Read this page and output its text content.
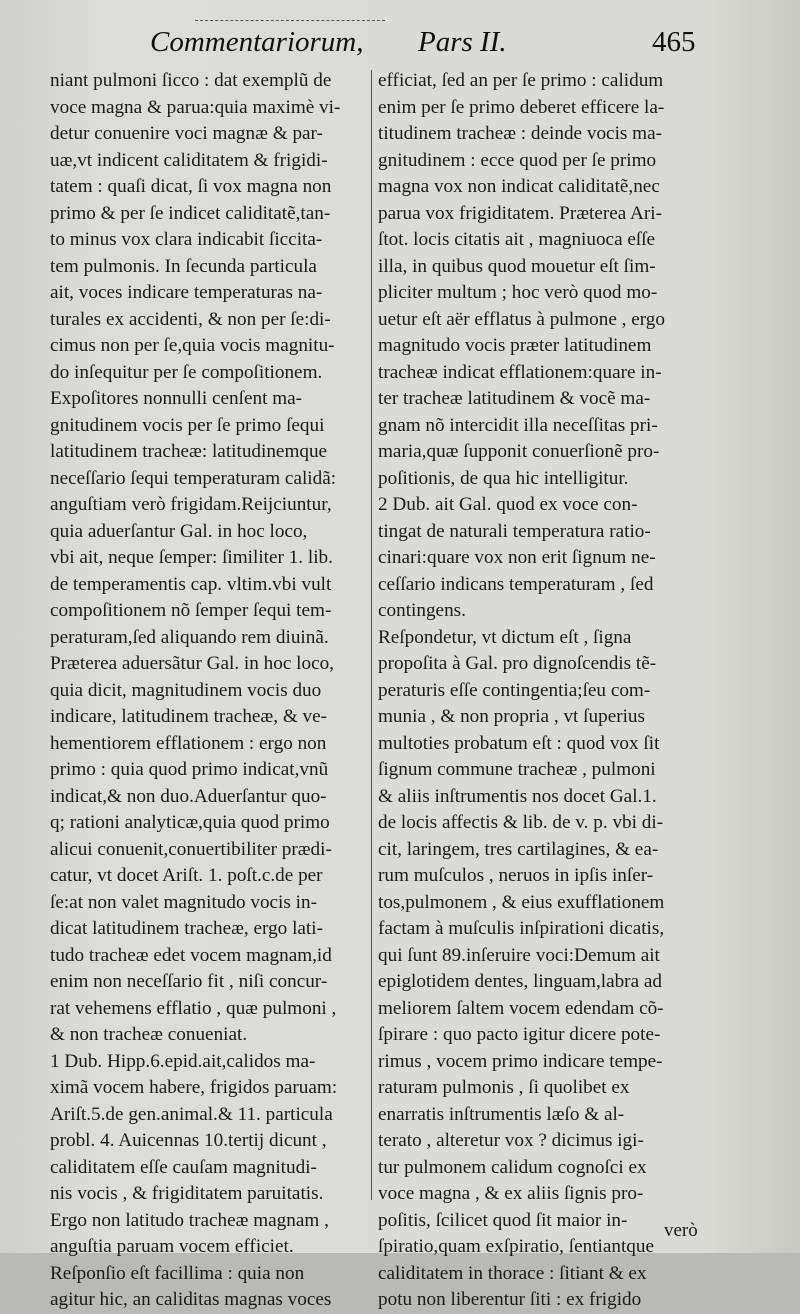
Commentariorum, Pars II.	465
niant pulmoni ſicco : dat exemplũ de
voce magna & parua:quia maximè vi-
detur conuenire voci magnæ & par-
uæ,vt indicent caliditatem & frigidi-
tatem : quaſi dicat, ſi vox magna non
primo & per ſe indicet caliditatẽ,tan-
to minus vox clara indicabit ſiccita-
tem pulmonis. In ſecunda particula
ait, voces indicare temperaturas na-
turales ex accidenti, & non per ſe:di-
cimus non per ſe,quia vocis magnitu-
do inſequitur per ſe compoſitionem.
Expoſitores nonnulli cenſent ma-
gnitudinem vocis per ſe primo ſequi
latitudinem tracheæ: latitudinemque
neceſſario ſequi temperaturam calidã:
anguſtiam verò frigidam.Reijciuntur,
quia aduerſantur Gal. in hoc loco,
vbi ait, neque ſemper: ſimiliter 1. lib.
de temperamentis cap. vltim.vbi vult
compoſitionem nõ ſemper ſequi tem-
peraturam,ſed aliquando rem diuinã.
Præterea aduersãtur Gal. in hoc loco,
quia dicit, magnitudinem vocis duo
indicare, latitudinem tracheæ, & ve-
hementiorem efflationem : ergo non
primo : quia quod primo indicat,vnũ
indicat,& non duo.Aduerſantur quo-
q; rationi analyticæ,quia quod primo
alicui conuenit,conuertibiliter prædi-
catur, vt docet Ariſt. 1. poſt.c.de per
ſe:at non valet magnitudo vocis in-
dicat latitudinem tracheæ, ergo lati-
tudo tracheæ edet vocem magnam,id
enim non neceſſario fit , niſi concur-
rat vehemens efflatio , quæ pulmoni ,
& non tracheæ conueniat.
1 Dub. Hipp.6.epid.ait,calidos ma-
ximã vocem habere, frigidos paruam:
Ariſt.5.de gen.animal.& 11. particula
probl. 4. Auicennas 10.tertij dicunt ,
caliditatem eſſe cauſam magnitudi-
nis vocis , & frigiditatem paruitatis.
Ergo non latitudo tracheæ magnam ,
anguſtia paruam vocem efficiet.
Reſponſio eſt facillima : quia non
agitur hic, an caliditas magnas voces
efficiat, ſed an per ſe primo : calidum
enim per ſe primo deberet efficere la-
titudinem tracheæ : deinde vocis ma-
gnitudinem : ecce quod per ſe primo
magna vox non indicat caliditatẽ,nec
parua vox frigiditatem. Præterea Ari-
ſtot. locis citatis ait , magniuoca eſſe
illa, in quibus quod mouetur eſt ſim-
pliciter multum ; hoc verò quod mo-
uetur eſt aër efflatus à pulmone , ergo
magnitudo vocis præter latitudinem
tracheæ indicat efflationem:quare in-
ter tracheæ latitudinem & vocẽ ma-
gnam nõ intercidit illa neceſſitas pri-
maria,quæ ſupponit conuerſionẽ pro-
poſitionis, de qua hic intelligitur.
2 Dub. ait Gal. quod ex voce con-
tingat de naturali temperatura ratio-
cinari:quare vox non erit ſignum ne-
ceſſario indicans temperaturam , ſed
contingens.
Reſpondetur, vt dictum eſt , ſigna
propoſita à Gal. pro dignoſcendis tẽ-
peraturis eſſe contingentia;ſeu com-
munia , & non propria , vt ſuperius
multoties probatum eſt : quod vox ſit
ſignum commune tracheæ , pulmoni
& aliis inſtrumentis nos docet Gal.1.
de locis affectis & lib. de v. p. vbi di-
cit, laringem, tres cartilagines, & ea-
rum muſculos , neruos in ipſis inſer-
tos,pulmonem , & eius exufflationem
factam à muſculis inſpirationi dicatis,
qui ſunt 89.inſeruire voci:Demum ait
epiglotidem dentes, linguam,labra ad
meliorem ſaltem vocem edendam cõ-
ſpirare : quo pacto igitur dicere pote-
rimus , vocem primo indicare tempe-
raturam pulmonis , ſi quolibet ex
enarratis inſtrumentis læſo & al-
terato , alteretur vox ? dicimus igi-
tur pulmonem calidum cognoſci ex
voce magna , & ex aliis ſignis pro-
poſitis, ſcilicet quod ſit maior in-
ſpiratio,quam exſpiratio, ſentiantque
caliditatem in thorace : ſitiant & ex
potu non liberentur ſiti : ex frigido
verò
